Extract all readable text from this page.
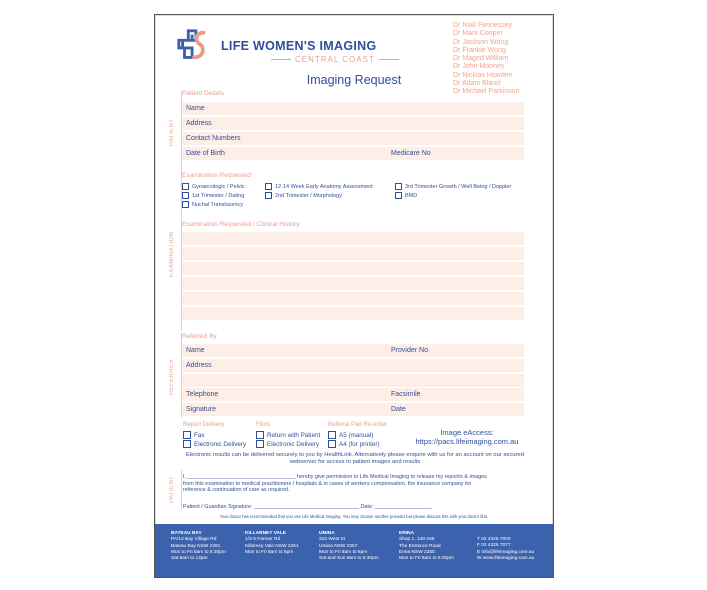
LIFE WOMEN'S IMAGING
CENTRAL COAST
Dr Niall Fennessey
Dr Mark Cooper
Dr Jackson Wong
Dr Frankie Wong
Dr Maged William
Dr John Mooney
Dr Nicklas Howden
Dr Adam Bland
Dr Michael Parkinson
Imaging Request
PATIENT
Patient Details
Name
Address
Contact Numbers
Date of Birth	Medicare No
Examination Requested
Gynaecologic / Pelvic	12-14 Week Early Anatomy Assessment	3rd Trimester Growth / Well Being / Doppler
1st Trimester / Dating	2nd Trimester / Morphology	BMD
Nuchal Translucency
EXAMINATION
Examination Requested / Clinical History
REFERRER
Referred By
Name	Provider No
Address
Telephone	Facsimile
Signature	Date
Report Delivery
Fax
Electronic Delivery
Films
Return with Patient
Electronic Delivery
Referral Pad Re-order
A5 (manual)
A4 (for printer)
Image eAccess:
https://pacs.lifeimaging.com.au
Electronic results can be delivered securely to you by HealthLink. Alternatively please enquire with us for an account on our secured webserver for access to patient images and results
PATIENT	I, ____________________________________ hereby give permission to Life Medical Imaging to release my report/s & images
from this examination to medical practitioners / hospitals & in cases of workers compensation, the insurance company for
reference & continuation of care as required.
Patient / Guardian Signature: ___________________________________ Date: ___________________
Your doctor has recommended that you use Life Medical Imaging. You may choose another provider but please discuss this with your doctor first.
BATEAU BAY
PA/12 Bay Village Rd
Bateau Bay NSW 2261
Mon to Fri 8am to 5:30pm
Sat 8am to 12pm
KILLARNEY VALE
1/3-5 Farmer Rd
Killarney Vale NSW 2261
Mon to Fri 8am to 5pm
UMINA
310 West St
Umina NSW 2257
Mon to Fri 8am to 6pm
Sat and Sun 9am to 5:30pm
ERINA
Shop 1, 148-158
The Entrance Road
Erina NSW 2250
Mon to Fri 8am to 5:30pm
T 02 4326 7000
F 02 4326 7077
E info@lifeimaging.com.au
W www.lifeimaging.com.au
